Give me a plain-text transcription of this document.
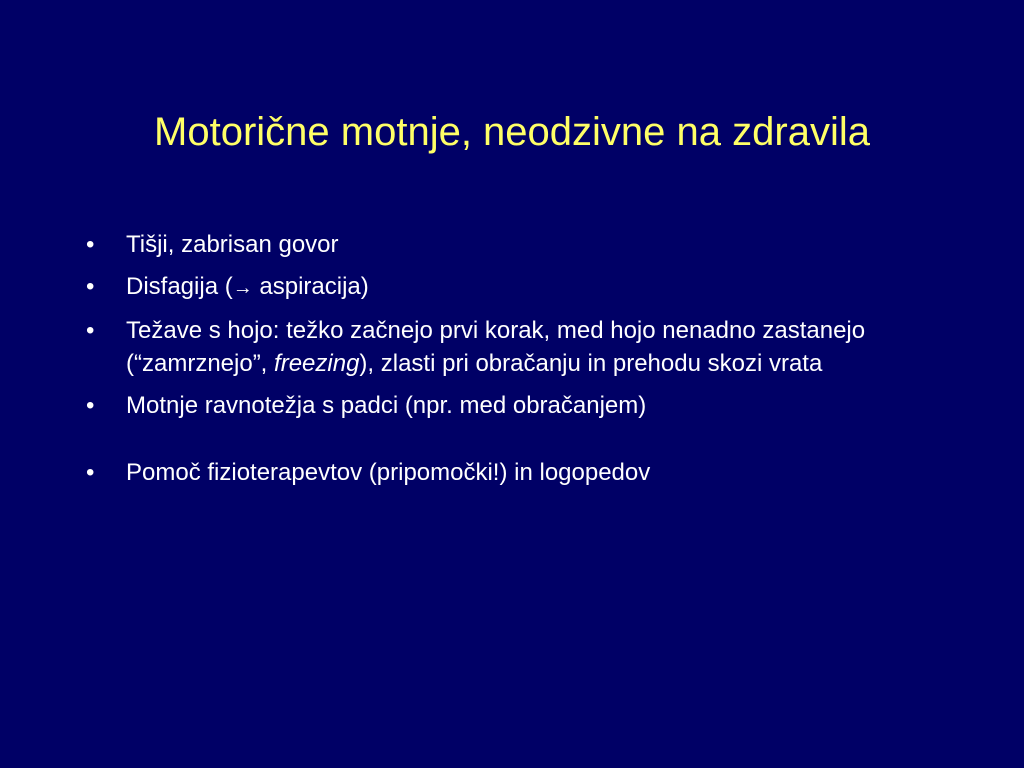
Motorične motnje, neodzivne na zdravila
• Tišji, zabrisan govor
• Disfagija (→ aspiracija)
• Težave s hojo: težko začnejo prvi korak, med hojo nenadno zastanejo (“zamrznejo”, freezing), zlasti pri obračanju in prehodu skozi vrata
• Motnje ravnotežja s padci (npr. med obračanjem)
• Pomoč fizioterapevtov (pripomočki!) in logopedov
